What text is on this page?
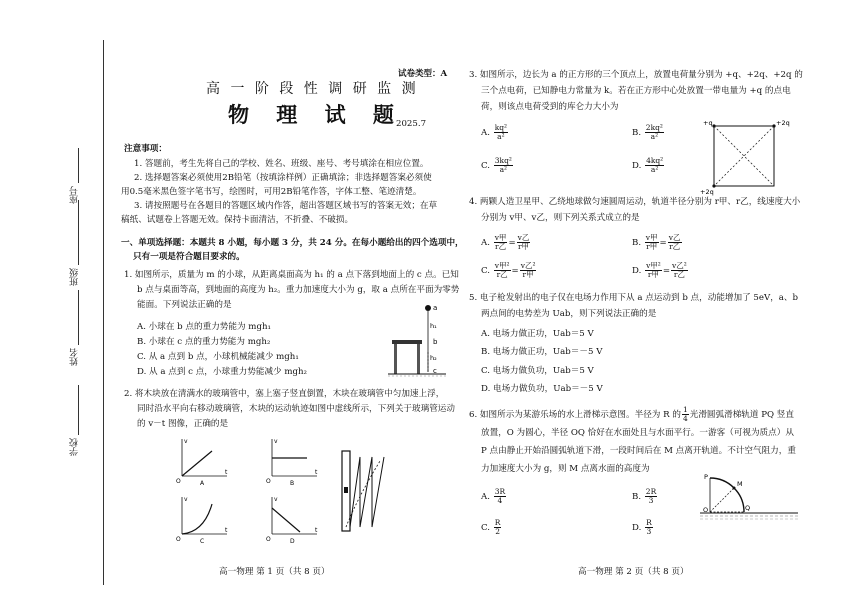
学校
姓名
班级
座号
试卷类型：A
高 一 阶 段 性 调 研 监 测
物 理 试 题
2025.7
注意事项：
1. 答题前，考生先将自己的学校、姓名、班级、座号、考号填涂在相应位置。
2. 选择题答案必须使用2B铅笔（按填涂样例）正确填涂；非选择题答案必须使
用0.5毫米黑色签字笔书写，绘图时，可用2B铅笔作答，字体工整、笔迹清楚。
3. 请按照题号在各题目的答题区域内作答，超出答题区域书写的答案无效；在草
稿纸、试题卷上答题无效。保持卡面清洁，不折叠、不破损。
一、单项选择题：本题共 8 小题，每小题 3 分，共 24 分。在每小题给出的四个选项中，
只有一项是符合题目要求的。
1. 如图所示，质量为 m 的小球，从距离桌面高为 h₁ 的 a 点下落到地面上的 c 点。已知
b 点与桌面等高，到地面的高度为 h₂。重力加速度大小为 g，取 a 点所在平面为零势
能面。下列说法正确的是
A. 小球在 b 点的重力势能为 mgh₁
B. 小球在 c 点的重力势能为 mgh₂
C. 从 a 点到 b 点，小球机械能减少 mgh₁
D. 从 a 点到 c 点，小球重力势能减少 mgh₂
a
h₁
b
h₂
c
2. 将木块放在清满水的玻璃管中，塞上塞子竖直倒置，木块在玻璃管中匀加速上浮，
同时沿水平向右移动玻璃管，木块的运动轨迹如图中虚线所示，下列关于玻璃管运动
的 v－t 图像，正确的是
v
t
O	A
v
t
O	B
v
t
O	C
v
t
O	D
高一物理 第 1 页（共 8 页）
3. 如图所示，边长为 a 的正方形的三个顶点上，放置电荷量分别为 +q、+2q、+2q 的
三个点电荷，已知静电力常量为 k。若在正方形中心处放置一带电量为 +q 的点电
荷，则该点电荷受到的库仑力大小为
A. $\frac{\text{kq²}}{\text{a²}}$	B. $\frac{\text{2kq²}}{\text{a²}}$
C. $\frac{\text{3kq²}}{\text{a²}}$	D. $\frac{\text{4kq²}}{\text{a²}}$
+q	+2q
+2q
4. 两颗人造卫星甲、乙绕地球做匀速圆周运动，轨道半径分别为 r甲、r乙，线速度大小
分别为 v甲、v乙，则下列关系式成立的是
A. $\frac{\text{v甲}}{\text{r乙}} = \frac{\text{v乙}}{\text{r甲}}$	B. $\frac{\text{v甲}}{\text{r甲}} = \frac{\text{v乙}}{\text{r乙}}$
C. $\frac{\text{v甲²}}{\text{r乙}} = \frac{\text{v乙²}}{\text{r甲}}$	D. $\frac{\text{v甲²}}{\text{r甲}} = \frac{\text{v乙²}}{\text{r乙}}$
5. 电子枪发射出的电子仅在电场力作用下从 a 点运动到 b 点，动能增加了 5eV，a、b
两点间的电势差为 Uab，则下列说法正确的是
A. 电场力做正功，Uab＝5 V
B. 电场力做正功，Uab＝－5 V
C. 电场力做负功，Uab＝5 V
D. 电场力做负功，Uab＝－5 V
6. 如图所示为某游乐场的水上滑梯示意图。半径为 R 的 $\frac{1}{4}$ 光滑圆弧滑梯轨道 PQ 竖直
放置，O 为圆心，半径 OQ 恰好在水面处且与水面平行。一游客（可视为质点）从
P 点由静止开始沿圆弧轨道下滑，一段时间后在 M 点离开轨道。不计空气阻力，重
力加速度大小为 g，则 M 点离水面的高度为
A. $\frac{3R}{4}$	B. $\frac{2R}{3}$
C. $\frac{R}{2}$	D. $\frac{R}{3}$
P
M
O	Q
高一物理 第 2 页（共 8 页）
